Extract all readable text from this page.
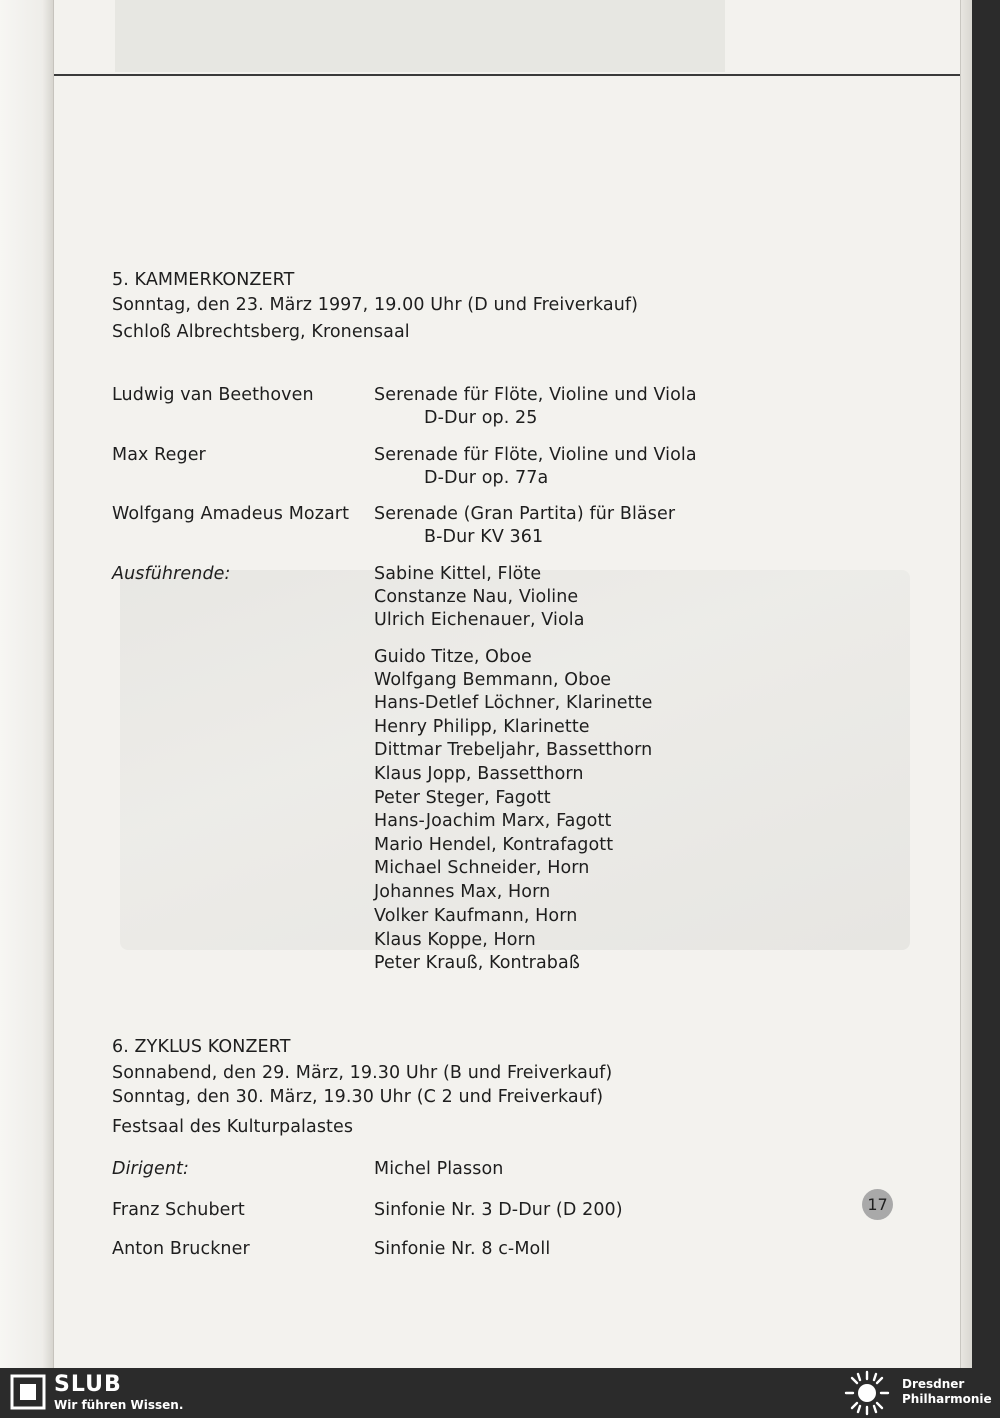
5. KAMMERKONZERT
Sonntag, den 23. März 1997, 19.00 Uhr (D und Freiverkauf)
Schloß Albrechtsberg, Kronensaal
Ludwig van Beethoven	Serenade für Flöte, Violine und Viola
D-Dur op. 25
Max Reger	Serenade für Flöte, Violine und Viola
D-Dur op. 77a
Wolfgang Amadeus Mozart Serenade (Gran Partita) für Bläser
B-Dur KV 361
Ausführende:	Sabine Kittel, Flöte
Constanze Nau, Violine
Ulrich Eichenauer, Viola
Guido Titze, Oboe
Wolfgang Bemmann, Oboe
Hans-Detlef Löchner, Klarinette
Henry Philipp, Klarinette
Dittmar Trebeljahr, Bassetthorn
Klaus Jopp, Bassetthorn
Peter Steger, Fagott
Hans-Joachim Marx, Fagott
Mario Hendel, Kontrafagott
Michael Schneider, Horn
Johannes Max, Horn
Volker Kaufmann, Horn
Klaus Koppe, Horn
Peter Krauß, Kontrabaß
6. ZYKLUS KONZERT
Sonnabend, den 29. März, 19.30 Uhr (B und Freiverkauf)
Sonntag, den 30. März, 19.30 Uhr (C 2 und Freiverkauf)
Festsaal des Kulturpalastes
Dirigent:	Michel Plasson
Franz Schubert	Sinfonie Nr. 3 D-Dur (D 200)
Anton Bruckner	Sinfonie Nr. 8 c-Moll
17
SLUB
Wir führen Wissen.
Dresdner
Philharmonie
